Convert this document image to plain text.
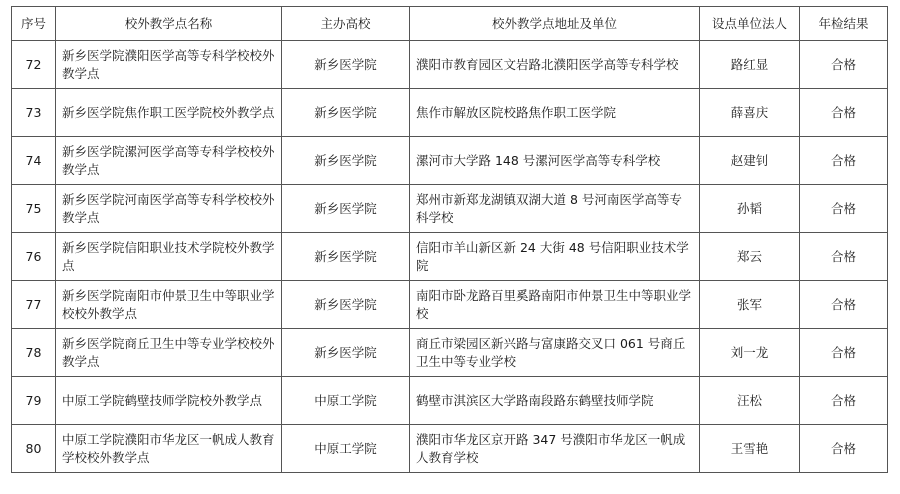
序号	校外教学点名称	主办高校	校外教学点地址及单位	设点单位法人	年检结果
72	新乡医学院濮阳医学高等专科学校校外教学点	新乡医学院	濮阳市教育园区文岩路北濮阳医学高等专科学校	路红显	合格
73	新乡医学院焦作职工医学院校外教学点	新乡医学院	焦作市解放区院校路焦作职工医学院	薛喜庆	合格
74	新乡医学院漯河医学高等专科学校校外教学点	新乡医学院	漯河市大学路 148 号漯河医学高等专科学校	赵建钊	合格
75	新乡医学院河南医学高等专科学校校外教学点	新乡医学院	郑州市新郑龙湖镇双湖大道 8 号河南医学高等专科学校	孙韬	合格
76	新乡医学院信阳职业技术学院校外教学点	新乡医学院	信阳市羊山新区新 24 大街 48 号信阳职业技术学院	郑云	合格
77	新乡医学院南阳市仲景卫生中等职业学校校外教学点	新乡医学院	南阳市卧龙路百里奚路南阳市仲景卫生中等职业学校	张军	合格
78	新乡医学院商丘卫生中等专业学校校外教学点	新乡医学院	商丘市梁园区新兴路与富康路交叉口 061 号商丘卫生中等专业学校	刘一龙	合格
79	中原工学院鹤壁技师学院校外教学点	中原工学院	鹤壁市淇滨区大学路南段路东鹤壁技师学院	汪松	合格
80	中原工学院濮阳市华龙区一帆成人教育学校校外教学点	中原工学院	濮阳市华龙区京开路 347 号濮阳市华龙区一帆成人教育学校	王雪艳	合格
